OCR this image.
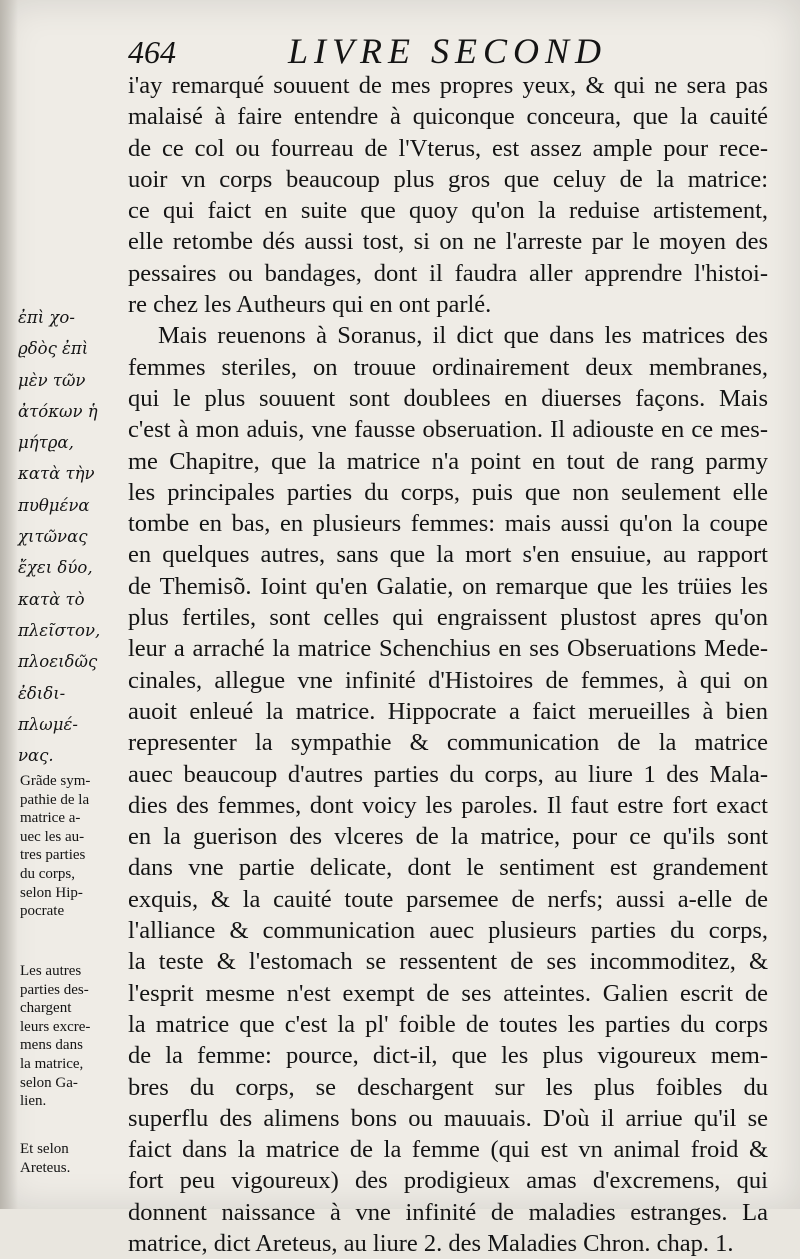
464	LIVRE SECOND
i'ay remarqué souuent de mes propres yeux, & qui ne sera pas
malaisé à faire entendre à quiconque conceura, que la cauité
de ce col ou fourreau de l'Vterus, est assez ample pour rece-
uoir vn corps beaucoup plus gros que celuy de la matrice:
ce qui faict en suite que quoy qu'on la reduise artistement,
elle retombe dés aussi tost, si on ne l'arreste par le moyen des
pessaires ou bandages, dont il faudra aller apprendre l'histoi-
re chez les Autheurs qui en ont parlé.
Mais reuenons à Soranus, il dict que dans les matrices des
femmes steriles, on trouue ordinairement deux membranes,
qui le plus souuent sont doublees en diuerses façons. Mais
c'est à mon aduis, vne fausse obseruation. Il adiouste en ce mes-
me Chapitre, que la matrice n'a point en tout de rang parmy
les principales parties du corps, puis que non seulement elle
tombe en bas, en plusieurs femmes: mais aussi qu'on la coupe
en quelques autres, sans que la mort s'en ensuiue, au rapport
de Themisõ. Ioint qu'en Galatie, on remarque que les trüies les
plus fertiles, sont celles qui engraissent plustost apres qu'on
leur a arraché la matrice Schenchius en ses Obseruations Mede-
cinales, allegue vne infinité d'Histoires de femmes, à qui on
auoit enleué la matrice. Hippocrate a faict merueilles à bien
representer la sympathie & communication de la matrice
auec beaucoup d'autres parties du corps, au liure 1 des Mala-
dies des femmes, dont voicy les paroles. Il faut estre fort exact
en la guerison des vlceres de la matrice, pour ce qu'ils sont
dans vne partie delicate, dont le sentiment est grandement
exquis, & la cauité toute parsemee de nerfs; aussi a-elle de
l'alliance & communication auec plusieurs parties du corps,
la teste & l'estomach se ressentent de ses incommoditez, &
l'esprit mesme n'est exempt de ses atteintes. Galien escrit de
la matrice que c'est la pl' foible de toutes les parties du corps
de la femme: pource, dict-il, que les plus vigoureux mem-
bres du corps, se deschargent sur les plus foibles du
superflu des alimens bons ou mauuais. D'où il arriue qu'il se
faict dans la matrice de la femme (qui est vn animal froid &
fort peu vigoureux) des prodigieux amas d'excremens, qui
donnent naissance à vne infinité de maladies estranges. La
matrice, dict Areteus, au liure 2. des Maladies Chron. chap. 1.
ἐπὶ χο-
ϱδὸς ἐπὶ
μὲν τῶν
ἀτόκων ἡ
μήτϱα,
κατὰ τὴν
πυθμένα
χιτῶνας
ἔχει δύο,
κατὰ τὸ
πλεῖστον,
πλοειδῶς
ἐδιδι-
πλωμέ-
νας.
Grãde sym-
pathie de la
matrice a-
uec les au-
tres parties
du corps,
selon Hip-
pocrate
Les autres
parties des-
chargent
leurs excre-
mens dans
la matrice,
selon Ga-
lien.
Et selon
Areteus.
